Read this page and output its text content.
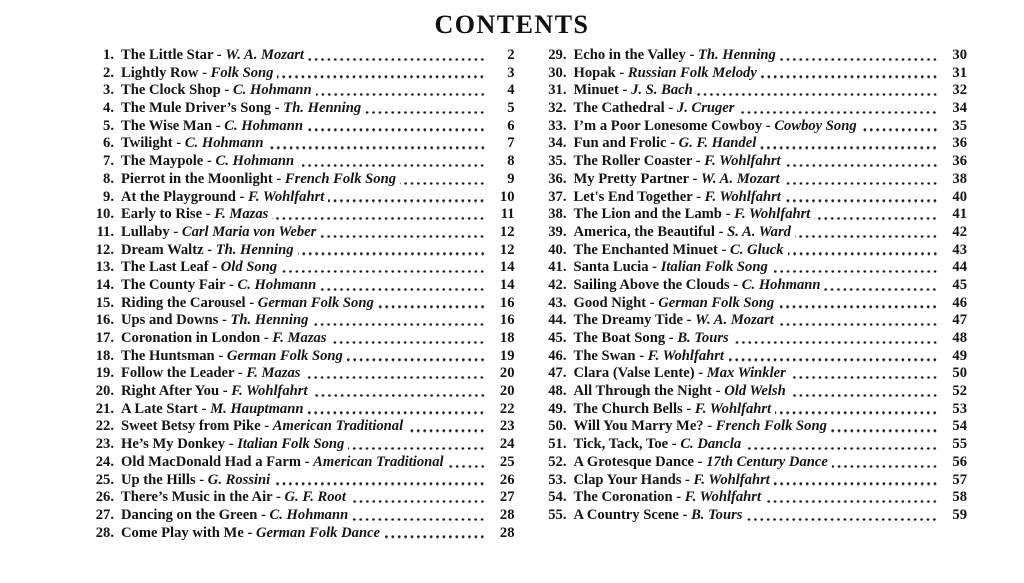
CONTENTS
1. The Little Star - W. A. Mozart	2
2. Lightly Row - Folk Song	3
3. The Clock Shop - C. Hohmann	4
4. The Mule Driver’s Song - Th. Henning	5
5. The Wise Man - C. Hohmann	6
6. Twilight - C. Hohmann	7
7. The Maypole - C. Hohmann	8
8. Pierrot in the Moonlight - French Folk Song	9
9. At the Playground - F. Wohlfahrt	10
10. Early to Rise - F. Mazas	11
11. Lullaby - Carl Maria von Weber	12
12. Dream Waltz - Th. Henning	12
13. The Last Leaf - Old Song	14
14. The County Fair - C. Hohmann	14
15. Riding the Carousel - German Folk Song	16
16. Ups and Downs - Th. Henning	16
17. Coronation in London - F. Mazas	18
18. The Huntsman - German Folk Song	19
19. Follow the Leader - F. Mazas	20
20. Right After You - F. Wohlfahrt	20
21. A Late Start - M. Hauptmann	22
22. Sweet Betsy from Pike - American Traditional	23
23. He’s My Donkey - Italian Folk Song	24
24. Old MacDonald Had a Farm - American Traditional	25
25. Up the Hills - G. Rossini	26
26. There’s Music in the Air - G. F. Root	27
27. Dancing on the Green - C. Hohmann	28
28. Come Play with Me - German Folk Dance	28
29. Echo in the Valley - Th. Henning	30
30. Hopak - Russian Folk Melody	31
31. Minuet - J. S. Bach	32
32. The Cathedral - J. Cruger	34
33. I’m a Poor Lonesome Cowboy - Cowboy Song	35
34. Fun and Frolic - G. F. Handel	36
35. The Roller Coaster - F. Wohlfahrt	36
36. My Pretty Partner - W. A. Mozart	38
37. Let's End Together - F. Wohlfahrt	40
38. The Lion and the Lamb - F. Wohlfahrt	41
39. America, the Beautiful - S. A. Ward	42
40. The Enchanted Minuet - C. Gluck	43
41. Santa Lucia - Italian Folk Song	44
42. Sailing Above the Clouds - C. Hohmann	45
43. Good Night - German Folk Song	46
44. The Dreamy Tide - W. A. Mozart	47
45. The Boat Song - B. Tours	48
46. The Swan - F. Wohlfahrt	49
47. Clara (Valse Lente) - Max Winkler	50
48. All Through the Night - Old Welsh	52
49. The Church Bells - F. Wohlfahrt	53
50. Will You Marry Me? - French Folk Song	54
51. Tick, Tack, Toe - C. Dancla	55
52. A Grotesque Dance - 17th Century Dance	56
53. Clap Your Hands - F. Wohlfahrt	57
54. The Coronation - F. Wohlfahrt	58
55. A Country Scene - B. Tours	59
